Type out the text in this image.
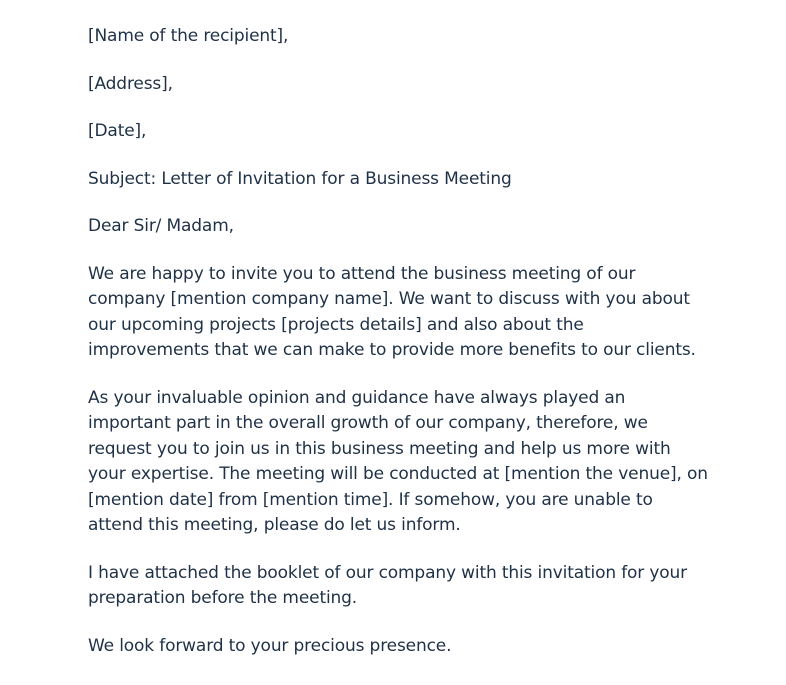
[Name of the recipient],

[Address],

[Date],

Subject: Letter of Invitation for a Business Meeting

Dear Sir/ Madam,

We are happy to invite you to attend the business meeting of our
company [mention company name]. We want to discuss with you about
our upcoming projects [projects details] and also about the
improvements that we can make to provide more benefits to our clients.

As your invaluable opinion and guidance have always played an
important part in the overall growth of our company, therefore, we
request you to join us in this business meeting and help us more with
your expertise. The meeting will be conducted at [mention the venue], on
[mention date] from [mention time]. If somehow, you are unable to
attend this meeting, please do let us inform.

I have attached the booklet of our company with this invitation for your
preparation before the meeting.

We look forward to your precious presence.
